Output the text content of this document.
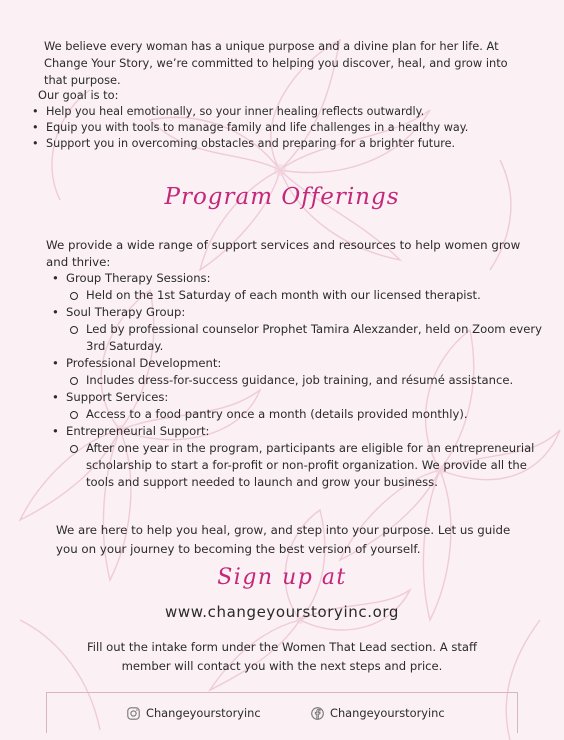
We believe every woman has a unique purpose and a divine plan for her life. At Change Your Story, we’re committed to helping you discover, heal, and grow into that purpose.
Our goal is to:
• Help you heal emotionally, so your inner healing reflects outwardly.
• Equip you with tools to manage family and life challenges in a healthy way.
• Support you in overcoming obstacles and preparing for a brighter future.
Program Offerings
We provide a wide range of support services and resources to help women grow and thrive:
• Group Therapy Sessions:
Held on the 1st Saturday of each month with our licensed therapist.
• Soul Therapy Group:
Led by professional counselor Prophet Tamira Alexzander, held on Zoom every 3rd Saturday.
• Professional Development:
Includes dress-for-success guidance, job training, and résumé assistance.
• Support Services:
Access to a food pantry once a month (details provided monthly).
• Entrepreneurial Support:
After one year in the program, participants are eligible for an entrepreneurial scholarship to start a for-profit or non-profit organization. We provide all the tools and support needed to launch and grow your business.
We are here to help you heal, grow, and step into your purpose. Let us guide you on your journey to becoming the best version of yourself.
Sign up at
www.changeyourstoryinc.org
Fill out the intake form under the Women That Lead section. A staff member will contact you with the next steps and price.
Changeyourstoryinc	Changeyourstoryinc
